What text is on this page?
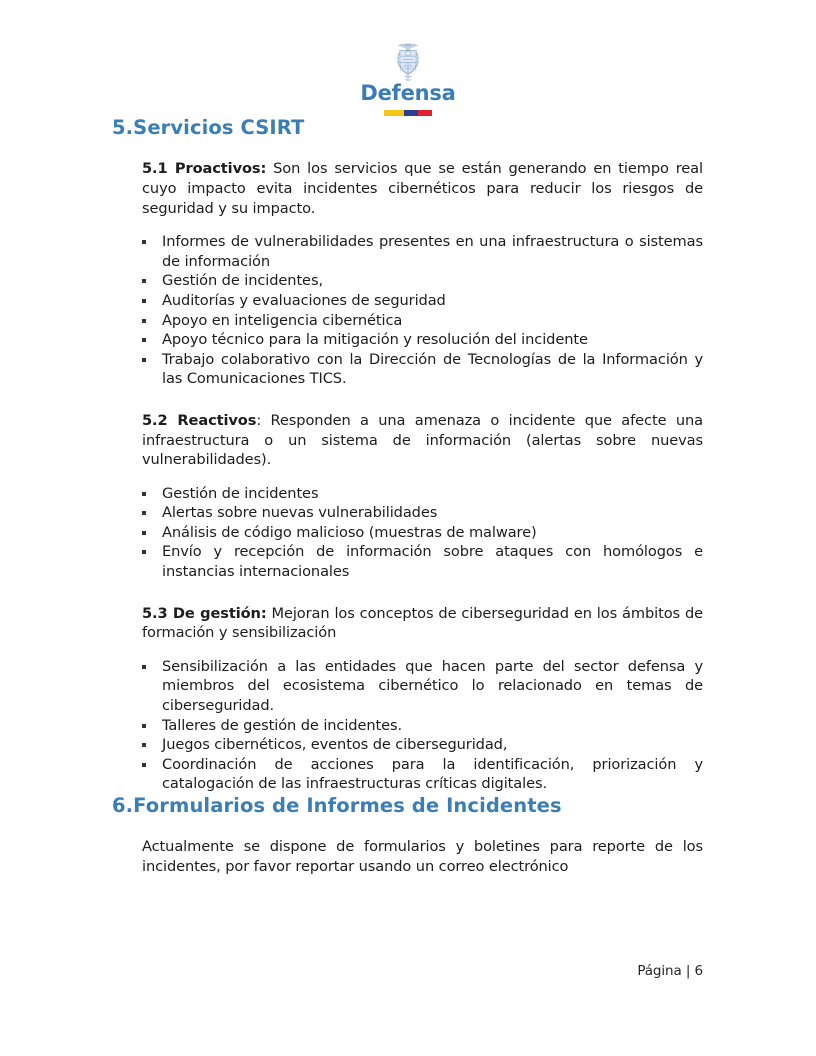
Defensa
5.Servicios CSIRT

5.1 Proactivos: Son los servicios que se están generando en tiempo real cuyo impacto evita incidentes cibernéticos para reducir los riesgos de seguridad y su impacto.

Informes de vulnerabilidades presentes en una infraestructura o sistemas de información
Gestión de incidentes,
Auditorías y evaluaciones de seguridad
Apoyo en inteligencia cibernética
Apoyo técnico para la mitigación y resolución del incidente
Trabajo colaborativo con la Dirección de Tecnologías de la Información y las Comunicaciones TICS.

5.2 Reactivos: Responden a una amenaza o incidente que afecte una infraestructura o un sistema de información (alertas sobre nuevas vulnerabilidades).

Gestión de incidentes
Alertas sobre nuevas vulnerabilidades
Análisis de código malicioso (muestras de malware)
Envío y recepción de información sobre ataques con homólogos e instancias internacionales

5.3 De gestión: Mejoran los conceptos de ciberseguridad en los ámbitos de formación y sensibilización

Sensibilización a las entidades que hacen parte del sector defensa y miembros del ecosistema cibernético lo relacionado en temas de ciberseguridad.
Talleres de gestión de incidentes.
Juegos cibernéticos, eventos de ciberseguridad,
Coordinación de acciones para la identificación, priorización y catalogación de las infraestructuras críticas digitales.
6.Formularios de Informes de Incidentes

Actualmente se dispone de formularios y boletines para reporte de los incidentes, por favor reportar usando un correo electrónico

Página | 6
